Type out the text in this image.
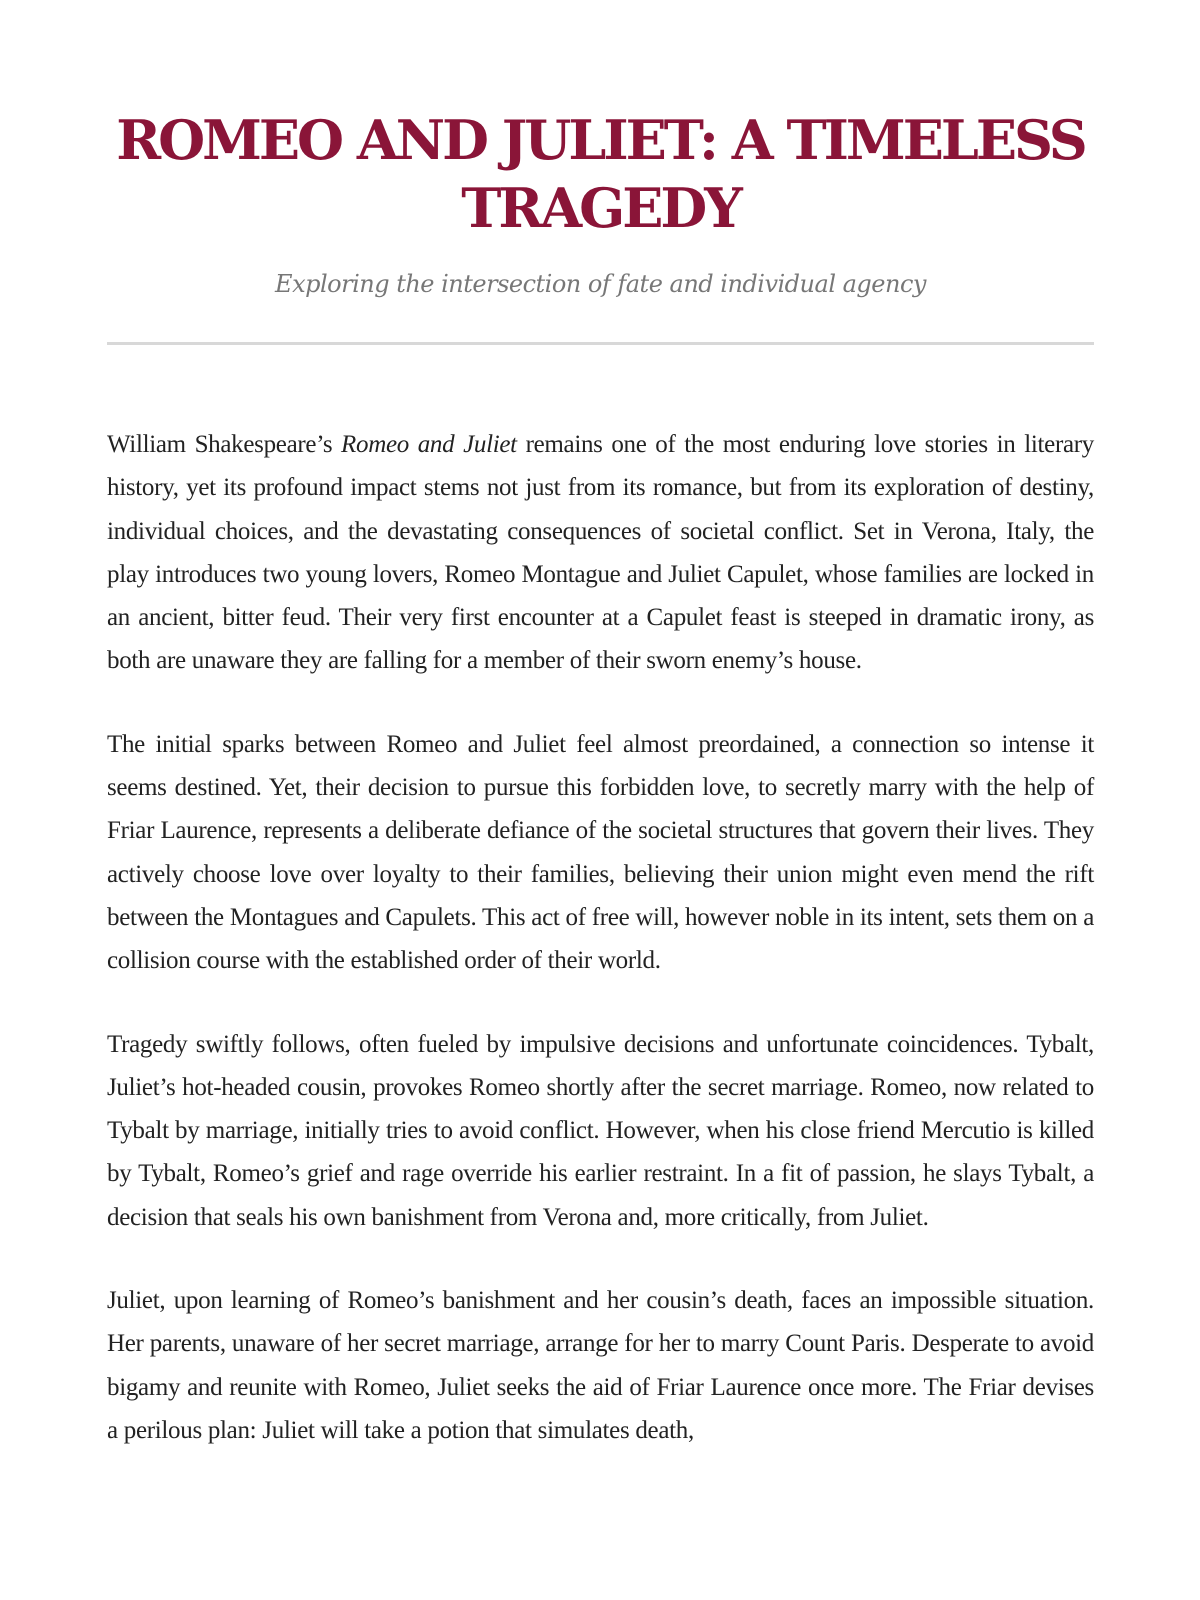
ROMEO AND JULIET: A TIMELESS TRAGEDY
Exploring the intersection of fate and individual agency

William Shakespeare’s Romeo and Juliet remains one of the most enduring love stories in literary history, yet its profound impact stems not just from its romance, but from its exploration of destiny, individual choices, and the devastating consequences of societal conflict. Set in Verona, Italy, the play introduces two young lovers, Romeo Montague and Juliet Capulet, whose families are locked in an ancient, bitter feud. Their very first encounter at a Capulet feast is steeped in dramatic irony, as both are unaware they are falling for a member of their sworn enemy’s house.

The initial sparks between Romeo and Juliet feel almost preordained, a connection so intense it seems destined. Yet, their decision to pursue this forbidden love, to secretly marry with the help of Friar Laurence, represents a deliberate defiance of the societal structures that govern their lives. They actively choose love over loyalty to their families, believing their union might even mend the rift between the Montagues and Capulets. This act of free will, however noble in its intent, sets them on a collision course with the established order of their world.

Tragedy swiftly follows, often fueled by impulsive decisions and unfortunate coincidences. Tybalt, Juliet’s hot-headed cousin, provokes Romeo shortly after the secret marriage. Romeo, now related to Tybalt by marriage, initially tries to avoid conflict. However, when his close friend Mercutio is killed by Tybalt, Romeo’s grief and rage override his earlier restraint. In a fit of passion, he slays Tybalt, a decision that seals his own banishment from Verona and, more critically, from Juliet.

Juliet, upon learning of Romeo’s banishment and her cousin’s death, faces an impossible situation. Her parents, unaware of her secret marriage, arrange for her to marry Count Paris. Desperate to avoid bigamy and reunite with Romeo, Juliet seeks the aid of Friar Laurence once more. The Friar devises a perilous plan: Juliet will take a potion that simulates death,
